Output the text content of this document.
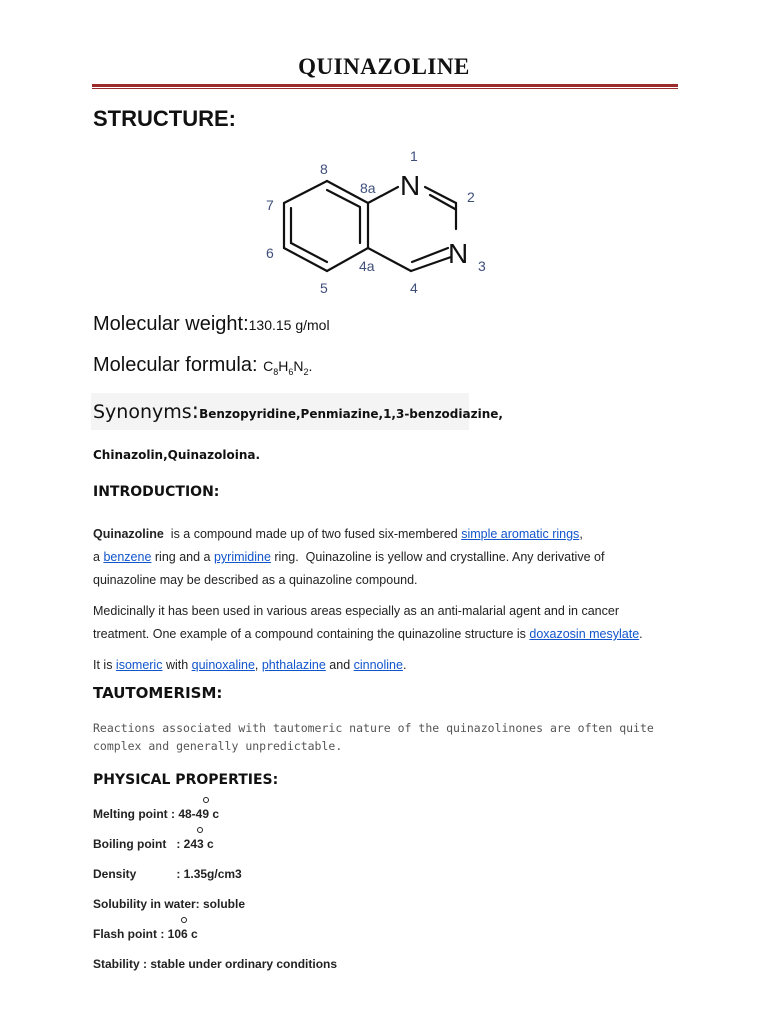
QUINAZOLINE
STRUCTURE:
N
N
1
2
3
4
4a
5
6
7
8
8a
Molecular weight:130.15 g/mol
Molecular formula: $C_8H_6N_2$.
Synonyms:Benzopyridine,Penmiazine,1,3-benzodiazine,
Chinazolin,Quinazoloina.
INTRODUCTION:
Quinazoline  is a compound made up of two fused six-membered simple aromatic rings,
a benzene ring and a pyrimidine ring.  Quinazoline is yellow and crystalline. Any derivative of
quinazoline may be described as a quinazoline compound.
Medicinally it has been used in various areas especially as an anti-malarial agent and in cancer
treatment. One example of a compound containing the quinazoline structure is doxazosin mesylate.
It is isomeric with quinoxaline, phthalazine and cinnoline.
TAUTOMERISM:
Reactions associated with tautomeric nature of the quinazolinones are often quite
complex and generally unpredictable.
PHYSICAL PROPERTIES:
Melting point : 48-49
c
Boiling point   : 243
c
Density            : 1.35g/cm3
Solubility in water: soluble
Flash point : 106
c
Stability : stable under ordinary conditions
